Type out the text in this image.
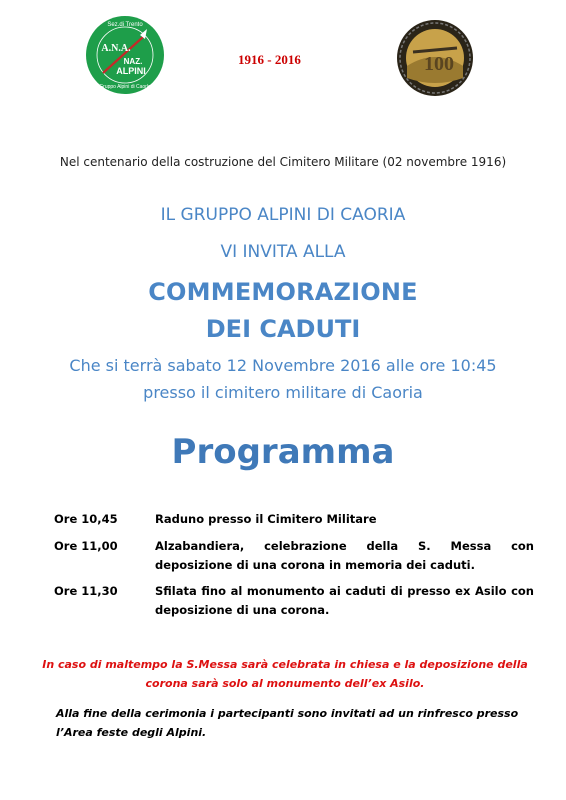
Sez.di Trento
A.N.A.
NAZ.
ALPINI
Gruppo Alpini di Caorle
1916 - 2016	100
Nel centenario della costruzione del Cimitero Militare (02 novembre 1916)
IL GRUPPO ALPINI DI CAORIA
VI INVITA ALLA
COMMEMORAZIONE
DEI CADUTI
Che si terrà sabato 12 Novembre 2016 alle ore 10:45
presso il cimitero militare di Caoria
Programma
Ore 10,45	Raduno presso il Cimitero Militare
Ore 11,00	Alzabandiera, celebrazione della S. Messa con deposizione di una corona in memoria dei caduti.
Ore 11,30	Sfilata fino al monumento ai caduti di presso ex Asilo con deposizione di una corona.
In caso di maltempo la S.Messa sarà celebrata in chiesa e la deposizione della corona sarà solo al monumento dell’ex Asilo.
Alla fine della cerimonia i partecipanti sono invitati ad un rinfresco presso l’Area feste degli Alpini.
